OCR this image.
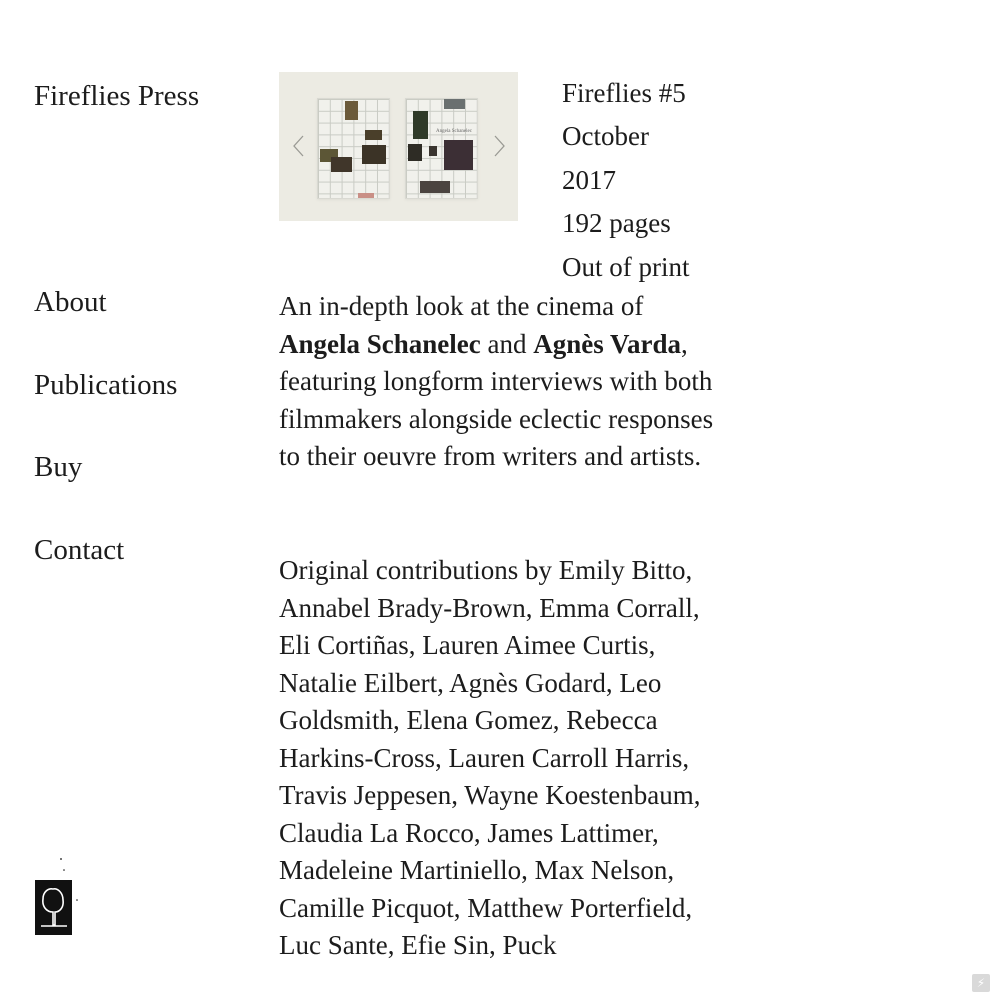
Fireflies Press
About
Publications
Buy
Contact
Angela Schanelec
Fireflies #5
October
2017
192 pages
Out of print

An in-depth look at the cinema of Angela Schanelec and Agnès Varda, featuring longform interviews with both filmmakers alongside eclectic responses to their oeuvre from writers and artists.

Original contributions by Emily Bitto, Annabel Brady-Brown, Emma Corrall, Eli Cortiñas, Lauren Aimee Curtis, Natalie Eilbert, Agnès Godard, Leo Goldsmith, Elena Gomez, Rebecca Harkins-Cross, Lauren Carroll Harris, Travis Jeppesen, Wayne Koestenbaum, Claudia La Rocco, James Lattimer, Madeleine Martiniello, Max Nelson, Camille Picquot, Matthew Porterfield, Luc Sante, Efie Sin, Puck

⚡
